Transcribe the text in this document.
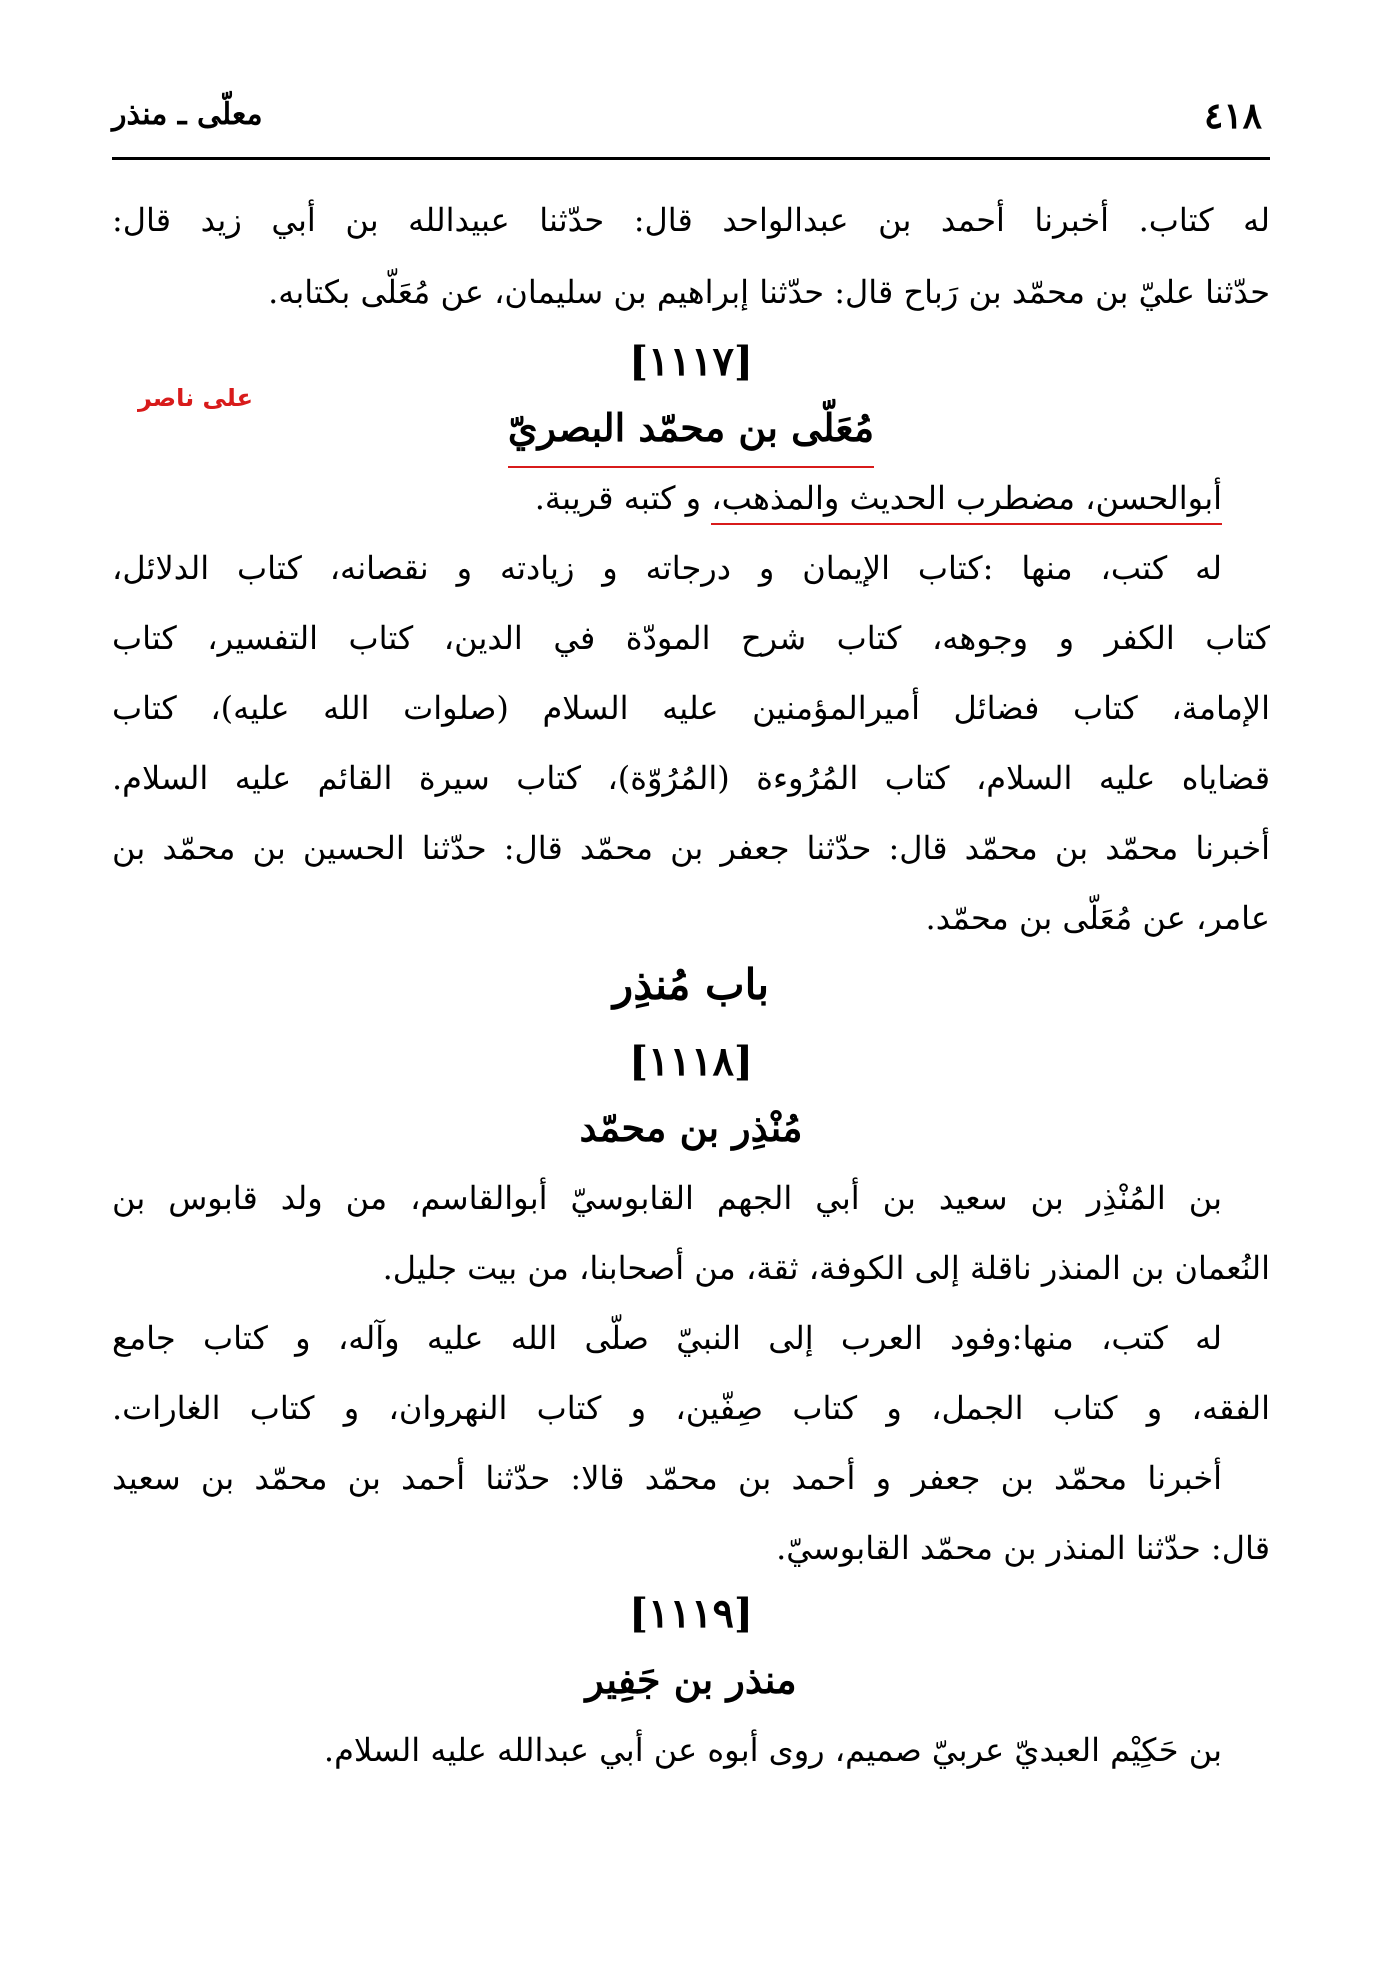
٤١٨
معلّی ـ منذر
له كتاب. أخبرنا أحمد بن عبدالواحد قال: حدّثنا عبيدالله بن أبي زيد قال:
حدّثنا عليّ بن محمّد بن رَباح قال: حدّثنا إبراهيم بن سليمان، عن مُعَلّی بکتابه.
[١١١٧]
علی ناصر
مُعَلّی بن محمّد البصريّ
أبوالحسن، مضطرب الحديث والمذهب، و كتبه قريبة.
له كتب، منها :كتاب الإيمان و درجاته و زيادته و نقصانه، كتاب الدلائل،
كتاب الكفر و وجوهه، كتاب شرح المودّة في الدين، كتاب التفسير، كتاب
الإمامة، كتاب فضائل أميرالمؤمنين عليه السلام (صلوات الله عليه)، كتاب
قضاياه عليه السلام، كتاب المُرُوءة (المُرُوّة)، كتاب سيرة القائم عليه السلام.
أخبرنا محمّد بن محمّد قال: حدّثنا جعفر بن محمّد قال: حدّثنا الحسين بن محمّد بن
عامر، عن مُعَلّی بن محمّد.
باب مُنذِر
[١١١٨]
مُنْذِر بن محمّد
بن المُنْذِر بن سعيد بن أبي الجهم القابوسيّ أبوالقاسم، من ولد قابوس بن
النُعمان بن المنذر ناقلة إلی الكوفة، ثقة، من أصحابنا، من بيت جليل.
له كتب، منها:وفود العرب إلی النبيّ صلّی الله عليه وآله، و كتاب جامع
الفقه، و كتاب الجمل، و كتاب صِفّين، و كتاب النهروان، و كتاب الغارات.
أخبرنا محمّد بن جعفر و أحمد بن محمّد قالا: حدّثنا أحمد بن محمّد بن سعيد
قال: حدّثنا المنذر بن محمّد القابوسيّ.
[١١١٩]
منذر بن جَفِير
بن حَكِيْم العبديّ عربيّ صميم، روی أبوه عن أبي عبدالله عليه السلام.
